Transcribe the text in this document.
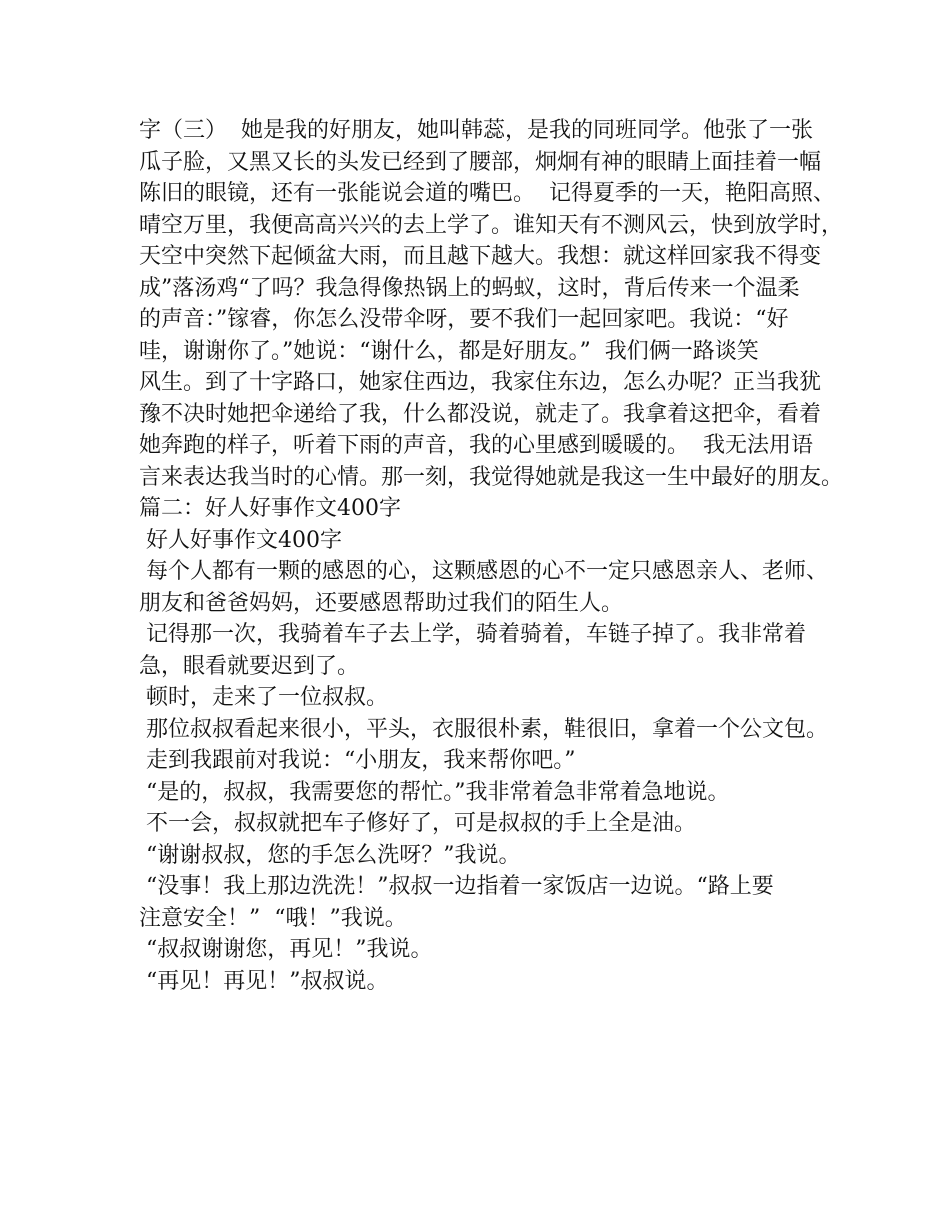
字（三）  她是我的好朋友，她叫韩蕊，是我的同班同学。他张了一张
瓜子脸，又黑又长的头发已经到了腰部，炯炯有神的眼睛上面挂着一幅
陈旧的眼镜，还有一张能说会道的嘴巴。  记得夏季的一天，艳阳高照、
晴空万里，我便高高兴兴的去上学了。谁知天有不测风云，快到放学时，
天空中突然下起倾盆大雨，而且越下越大。我想：就这样回家我不得变
成”落汤鸡“了吗？我急得像热锅上的蚂蚁，这时，背后传来一个温柔
的声音：”镓睿，你怎么没带伞呀，要不我们一起回家吧。我说：“好
哇，谢谢你了。”她说：“谢什么，都是好朋友。”  我们俩一路谈笑
风生。到了十字路口，她家住西边，我家住东边，怎么办呢？正当我犹
豫不决时她把伞递给了我，什么都没说，就走了。我拿着这把伞，看着
她奔跑的样子，听着下雨的声音，我的心里感到暖暖的。  我无法用语
言来表达我当时的心情。那一刻，我觉得她就是我这一生中最好的朋友。
篇二：好人好事作文400字
好人好事作文400字
每个人都有一颗的感恩的心，这颗感恩的心不一定只感恩亲人、老师、
朋友和爸爸妈妈，还要感恩帮助过我们的陌生人。
记得那一次，我骑着车子去上学，骑着骑着，车链子掉了。我非常着
急，眼看就要迟到了。
顿时，走来了一位叔叔。
那位叔叔看起来很小，平头，衣服很朴素，鞋很旧，拿着一个公文包。
走到我跟前对我说：“小朋友，我来帮你吧。”
“是的，叔叔，我需要您的帮忙。”我非常着急非常着急地说。
不一会，叔叔就把车子修好了，可是叔叔的手上全是油。
“谢谢叔叔，您的手怎么洗呀？”我说。
“没事！我上那边洗洗！”叔叔一边指着一家饭店一边说。“路上要
注意安全！”  “哦！”我说。
“叔叔谢谢您，再见！”我说。
“再见！再见！”叔叔说。
